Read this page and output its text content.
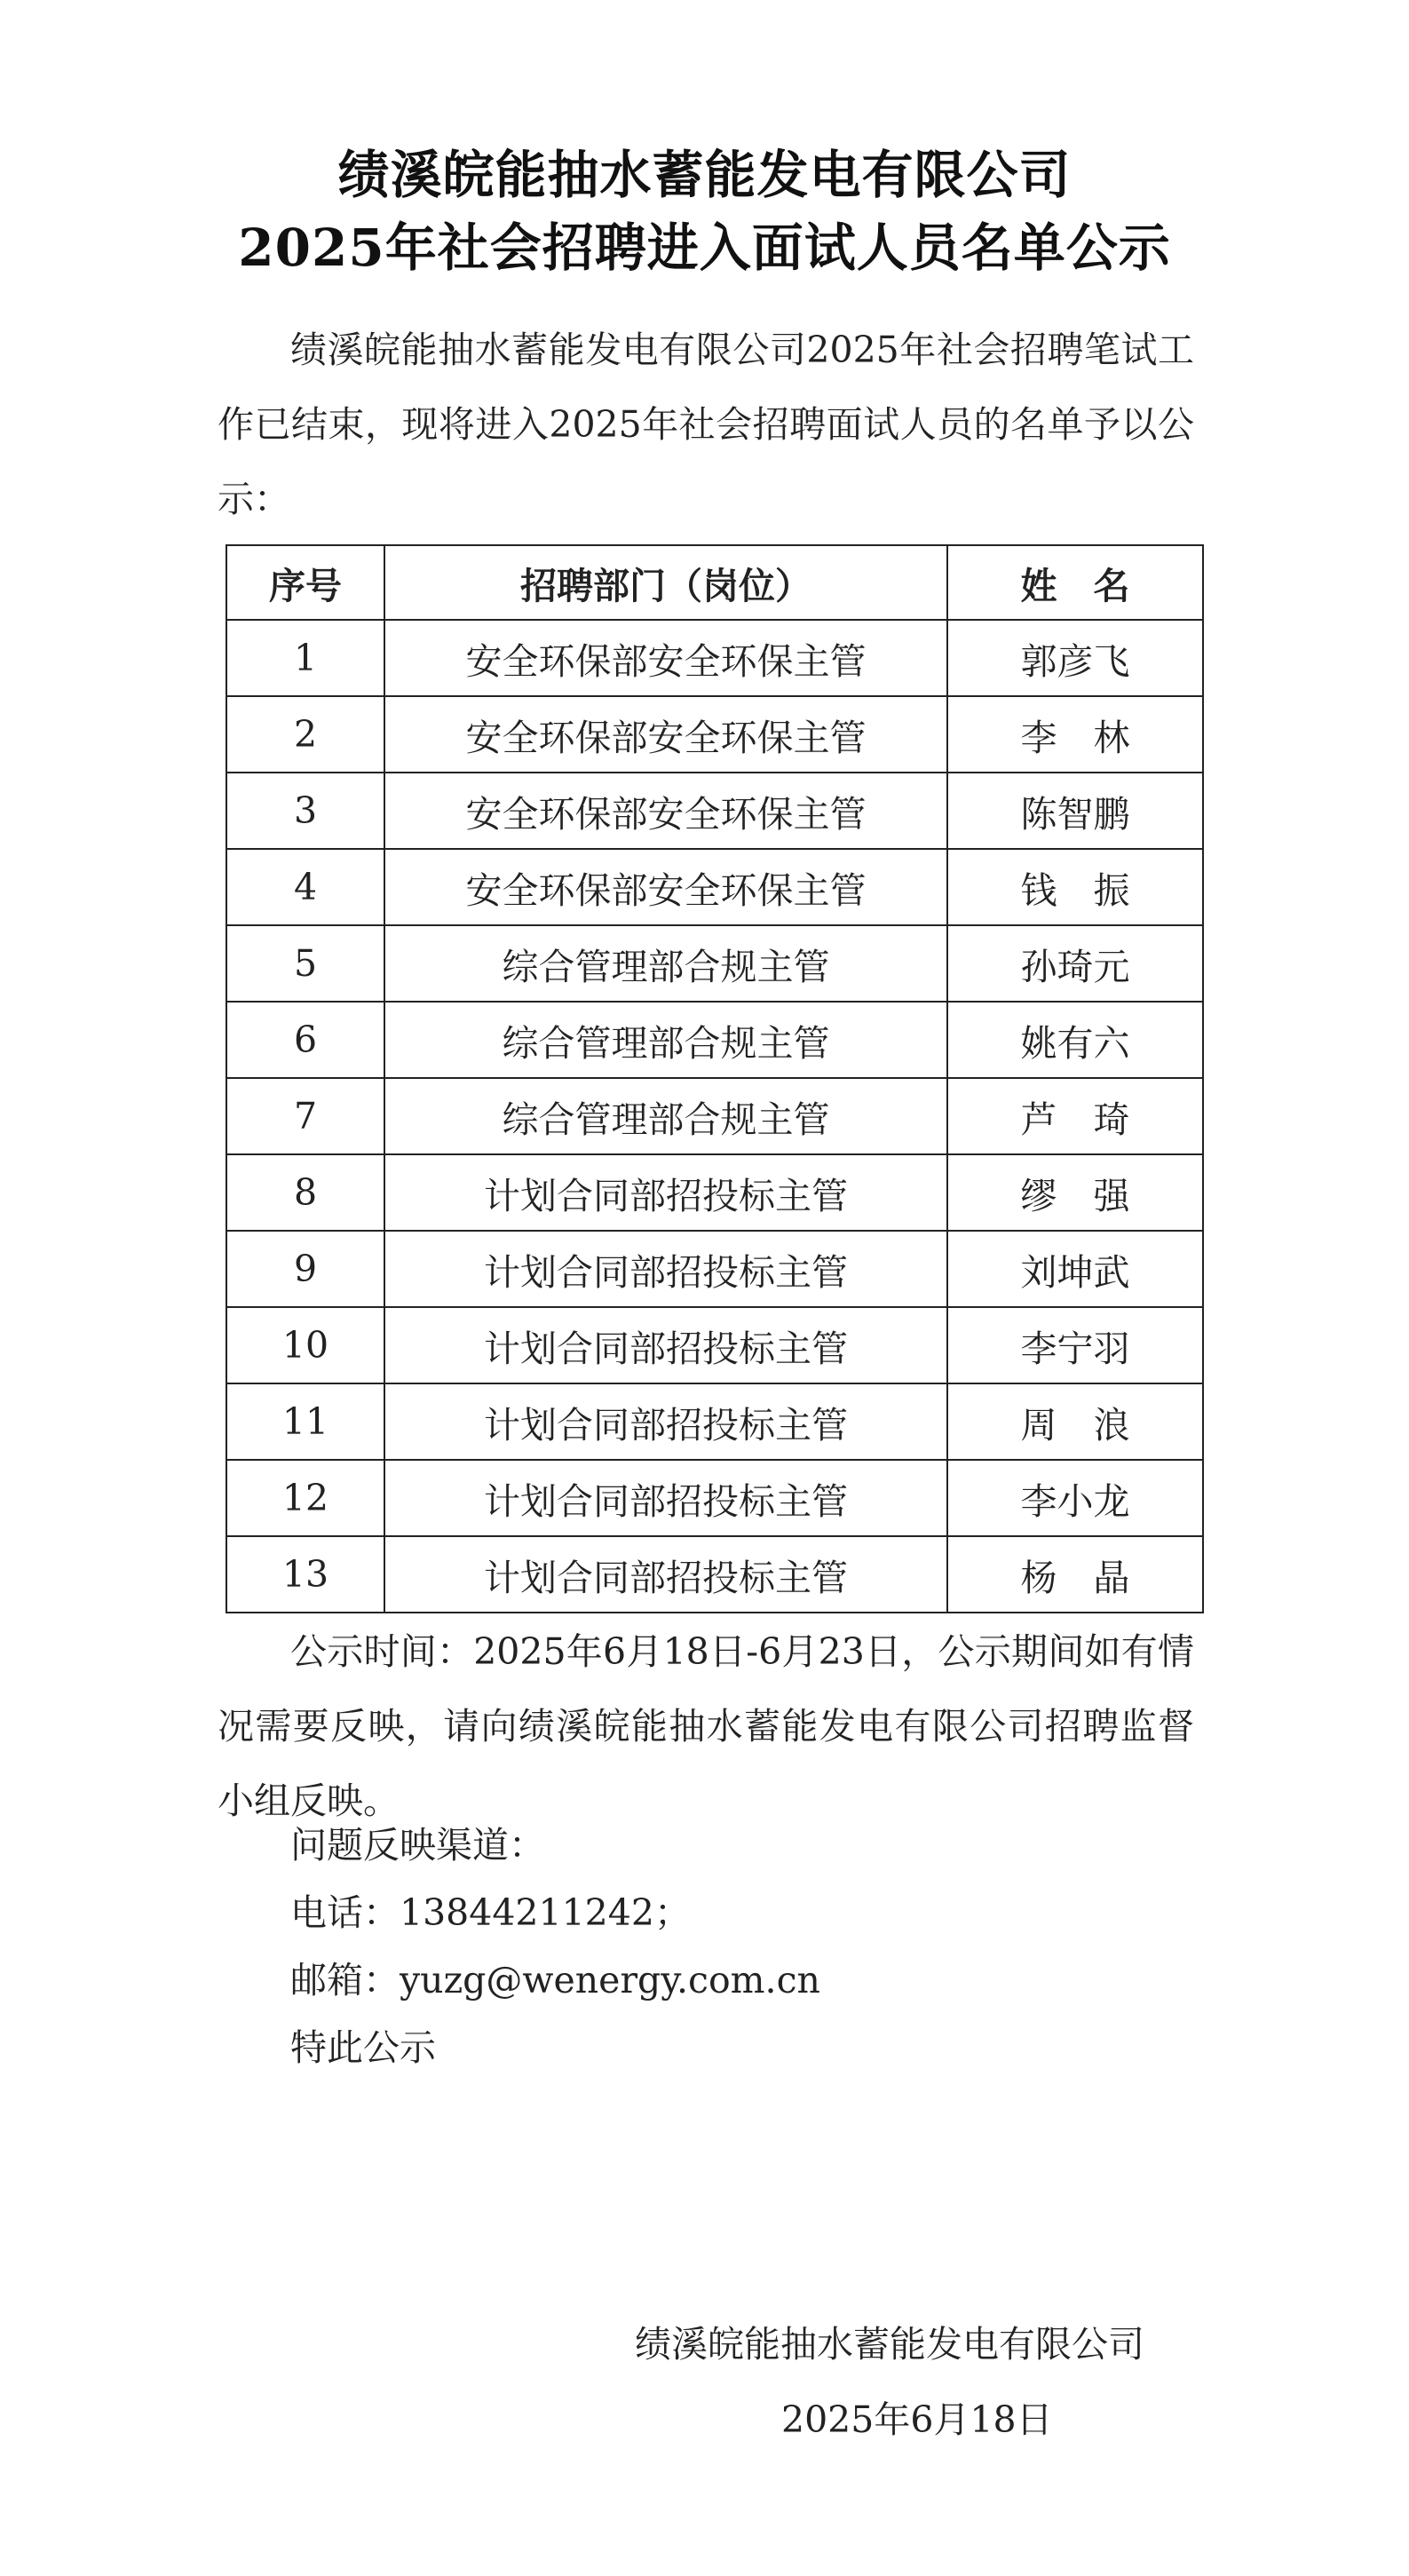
绩溪皖能抽水蓄能发电有限公司
2025年社会招聘进入面试人员名单公示

绩溪皖能抽水蓄能发电有限公司2025年社会招聘笔试工作已结束，现将进入2025年社会招聘面试人员的名单予以公示：

序号	招聘部门（岗位）	姓　名
1	安全环保部安全环保主管	郭彦飞
2	安全环保部安全环保主管	李　林
3	安全环保部安全环保主管	陈智鹏
4	安全环保部安全环保主管	钱　振
5	综合管理部合规主管	孙琦元
6	综合管理部合规主管	姚有六
7	综合管理部合规主管	芦　琦
8	计划合同部招投标主管	缪　强
9	计划合同部招投标主管	刘坤武
10	计划合同部招投标主管	李宁羽
11	计划合同部招投标主管	周　浪
12	计划合同部招投标主管	李小龙
13	计划合同部招投标主管	杨　晶

公示时间：2025年6月18日-6月23日，公示期间如有情况需要反映，请向绩溪皖能抽水蓄能发电有限公司招聘监督小组反映。

问题反映渠道：
电话：13844211242；
邮箱：yuzg@wenergy.com.cn
特此公示
绩溪皖能抽水蓄能发电有限公司
2025年6月18日
